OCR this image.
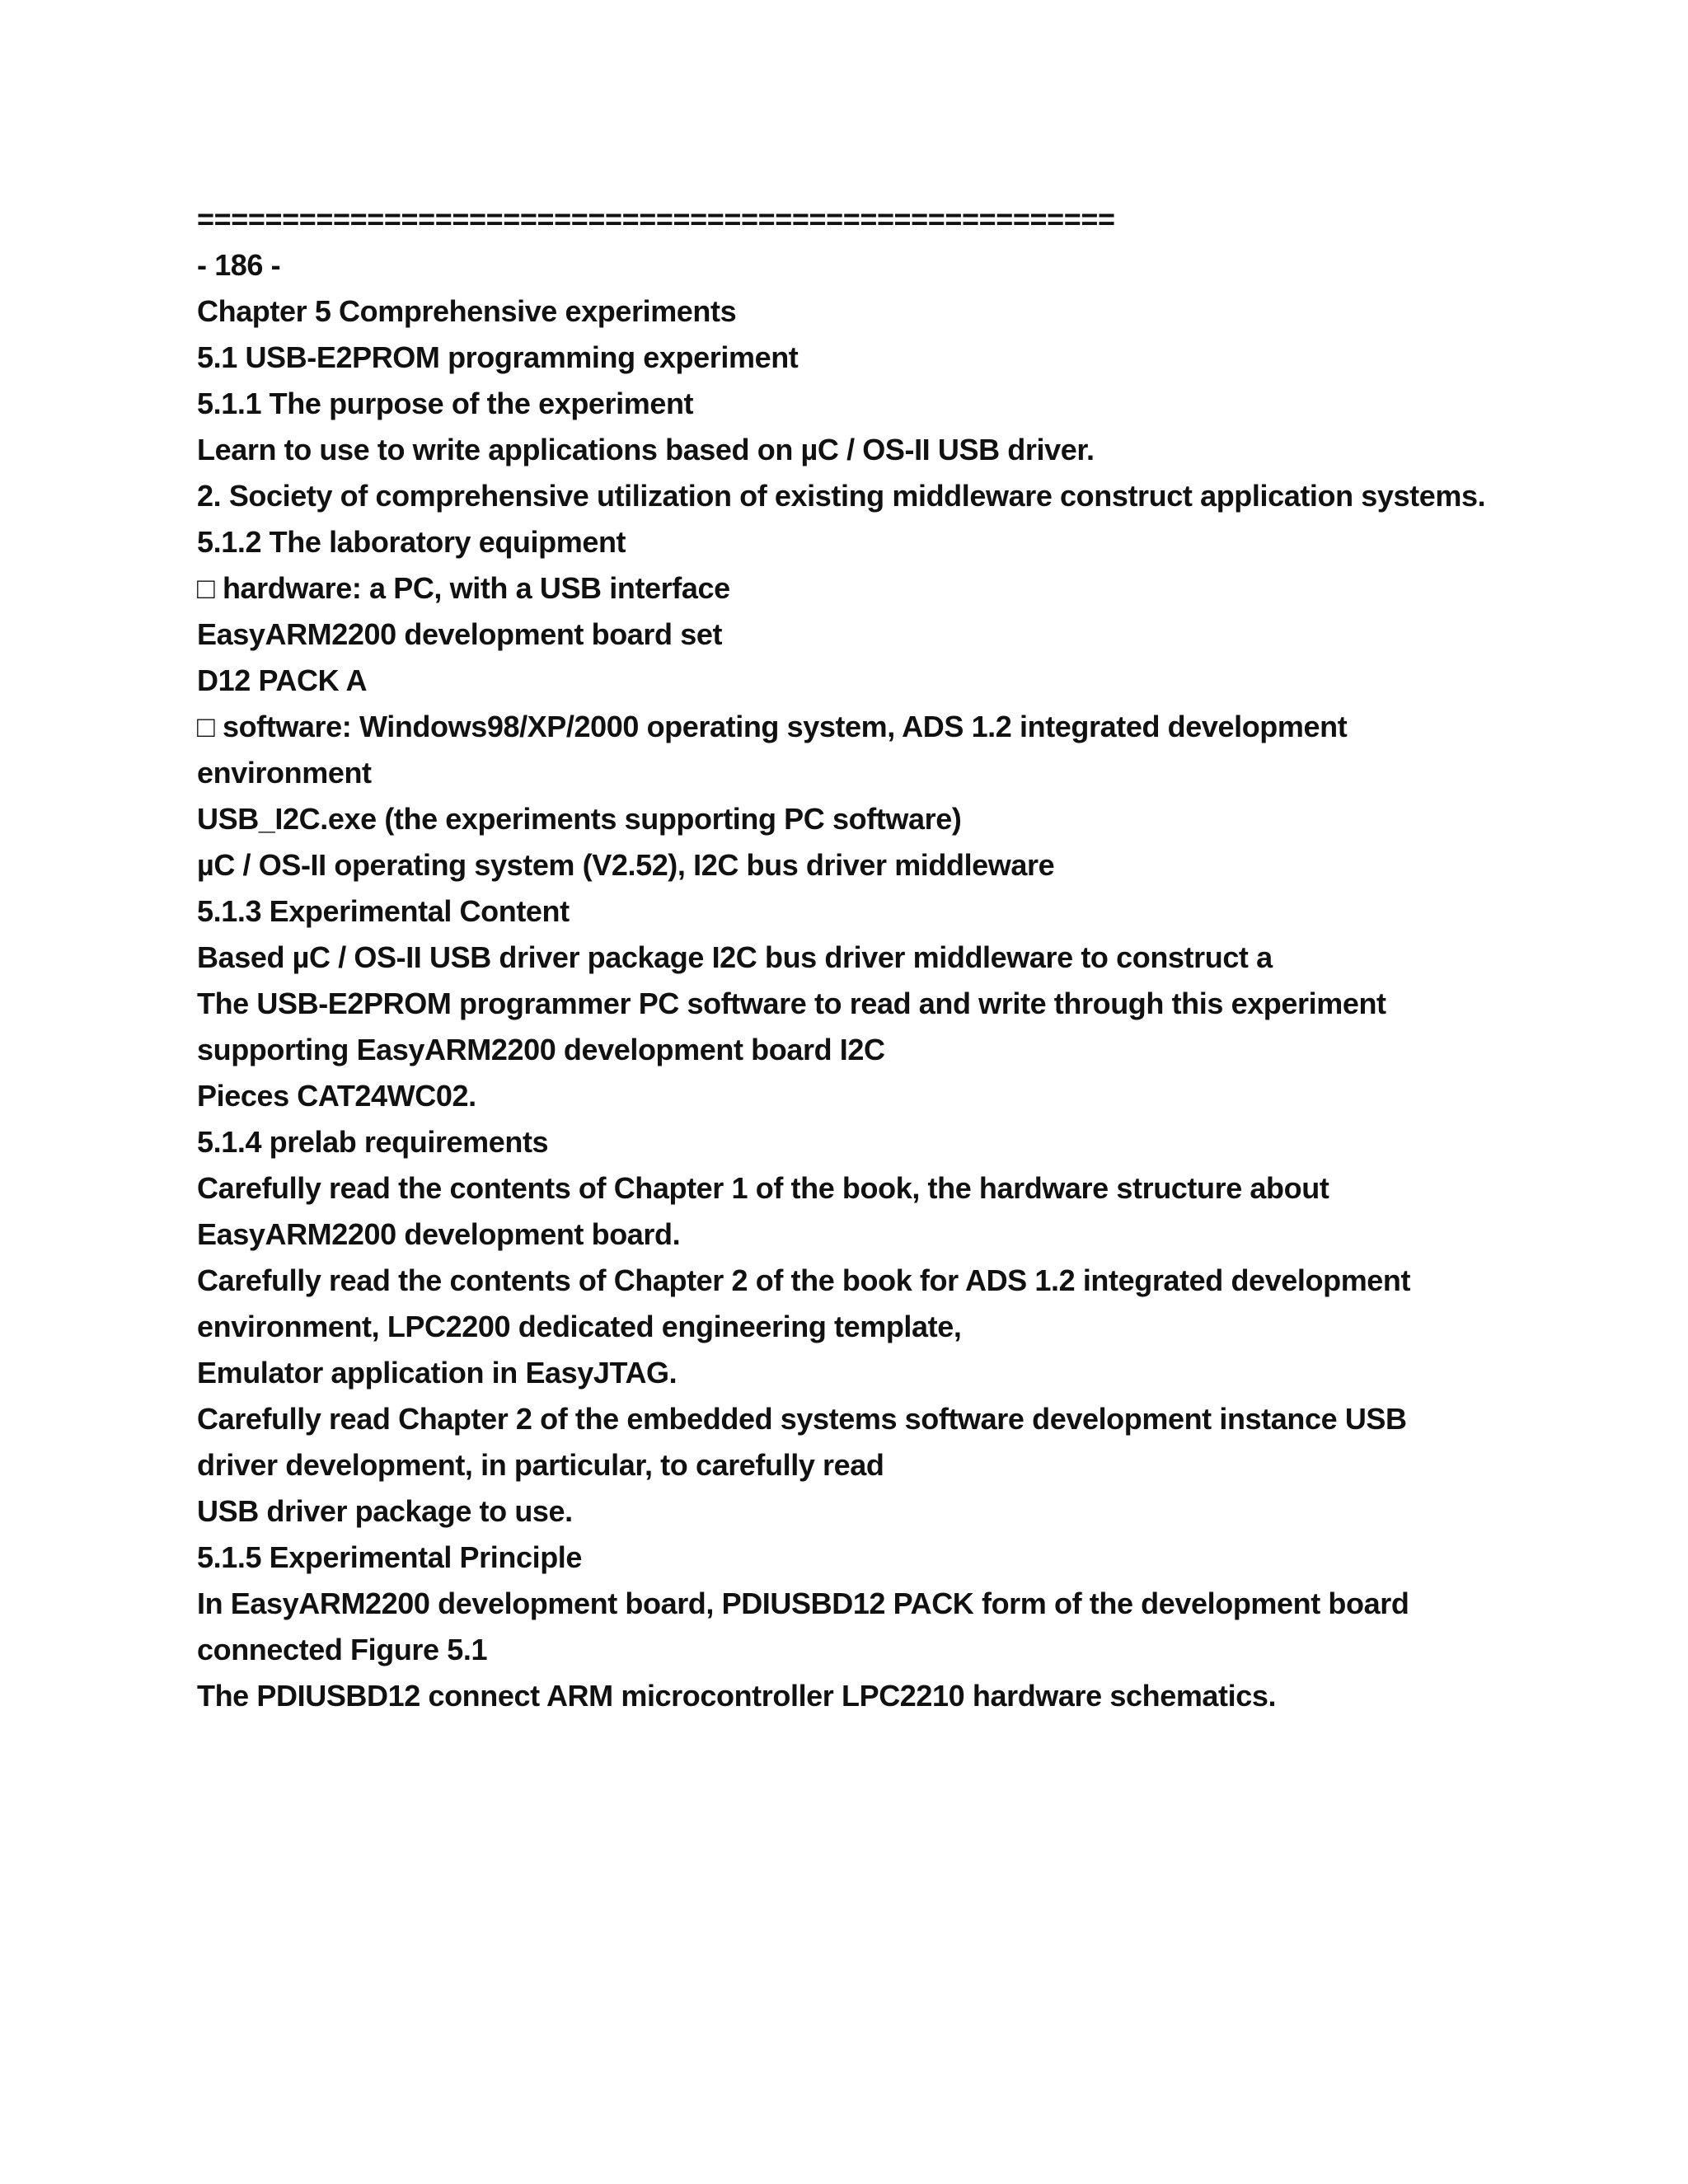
======================================================
- 186 -
Chapter 5 Comprehensive experiments
5.1 USB-E2PROM programming experiment
5.1.1 The purpose of the experiment
Learn to use to write applications based on µC / OS-II USB driver.
2. Society of comprehensive utilization of existing middleware construct application systems.
5.1.2 The laboratory equipment
□ hardware: a PC, with a USB interface
EasyARM2200 development board set
D12 PACK A
□ software: Windows98/XP/2000 operating system, ADS 1.2 integrated development
environment
USB_I2C.exe (the experiments supporting PC software)
µC / OS-II operating system (V2.52), I2C bus driver middleware
5.1.3 Experimental Content
Based µC / OS-II USB driver package I2C bus driver middleware to construct a
The USB-E2PROM programmer PC software to read and write through this experiment
supporting EasyARM2200 development board I2C
Pieces CAT24WC02.
5.1.4 prelab requirements
Carefully read the contents of Chapter 1 of the book, the hardware structure about
EasyARM2200 development board.
Carefully read the contents of Chapter 2 of the book for ADS 1.2 integrated development
environment, LPC2200 dedicated engineering template,
Emulator application in EasyJTAG.
Carefully read Chapter 2 of the embedded systems software development instance USB
driver development, in particular, to carefully read
USB driver package to use.
5.1.5 Experimental Principle
In EasyARM2200 development board, PDIUSBD12 PACK form of the development board
connected Figure 5.1
The PDIUSBD12 connect ARM microcontroller LPC2210 hardware schematics.
